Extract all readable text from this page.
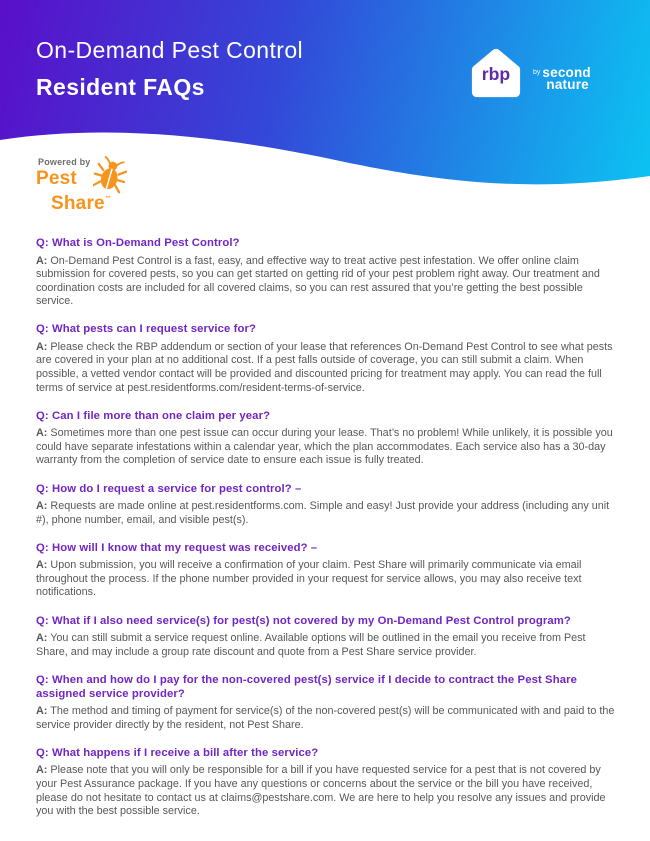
On-Demand Pest Control
Resident FAQs
rbp	by second
nature
Powered by
Pest
Share™
Q: What is On-Demand Pest Control?

A: On-Demand Pest Control is a fast, easy, and effective way to treat active pest infestation. We offer online claim submission for covered pests, so you can get started on getting rid of your pest problem right away. Our treatment and coordination costs are included for all covered claims, so you can rest assured that you’re getting the best possible service.

Q: What pests can I request service for?

A: Please check the RBP addendum or section of your lease that references On-Demand Pest Control to see what pests are covered in your plan at no additional cost. If a pest falls outside of coverage, you can still submit a claim. When possible, a vetted vendor contact will be provided and discounted pricing for treatment may apply. You can read the full terms of service at pest.residentforms.com/resident-terms-of-service.

Q: Can I file more than one claim per year?

A: Sometimes more than one pest issue can occur during your lease. That’s no problem! While unlikely, it is possible you could have separate infestations within a calendar year, which the plan accommodates. Each service also has a 30-day warranty from the completion of service date to ensure each issue is fully treated.

Q: How do I request a service for pest control? –

A: Requests are made online at pest.residentforms.com. Simple and easy! Just provide your address (including any unit #), phone number, email, and visible pest(s).

Q: How will I know that my request was received? –

A: Upon submission, you will receive a confirmation of your claim. Pest Share will primarily communicate via email throughout the process. If the phone number provided in your request for service allows, you may also receive text notifications.

Q: What if I also need service(s) for pest(s) not covered by my On-Demand Pest Control program?

A: You can still submit a service request online. Available options will be outlined in the email you receive from Pest Share, and may include a group rate discount and quote from a Pest Share service provider.

Q: When and how do I pay for the non-covered pest(s) service if I decide to contract the Pest Share assigned service provider?

A: The method and timing of payment for service(s) of the non-covered pest(s) will be communicated with and paid to the service provider directly by the resident, not Pest Share.

Q: What happens if I receive a bill after the service?

A: Please note that you will only be responsible for a bill if you have requested service for a pest that is not covered by your Pest Assurance package. If you have any questions or concerns about the service or the bill you have received, please do not hesitate to contact us at claims@pestshare.com. We are here to help you resolve any issues and provide you with the best possible service.
